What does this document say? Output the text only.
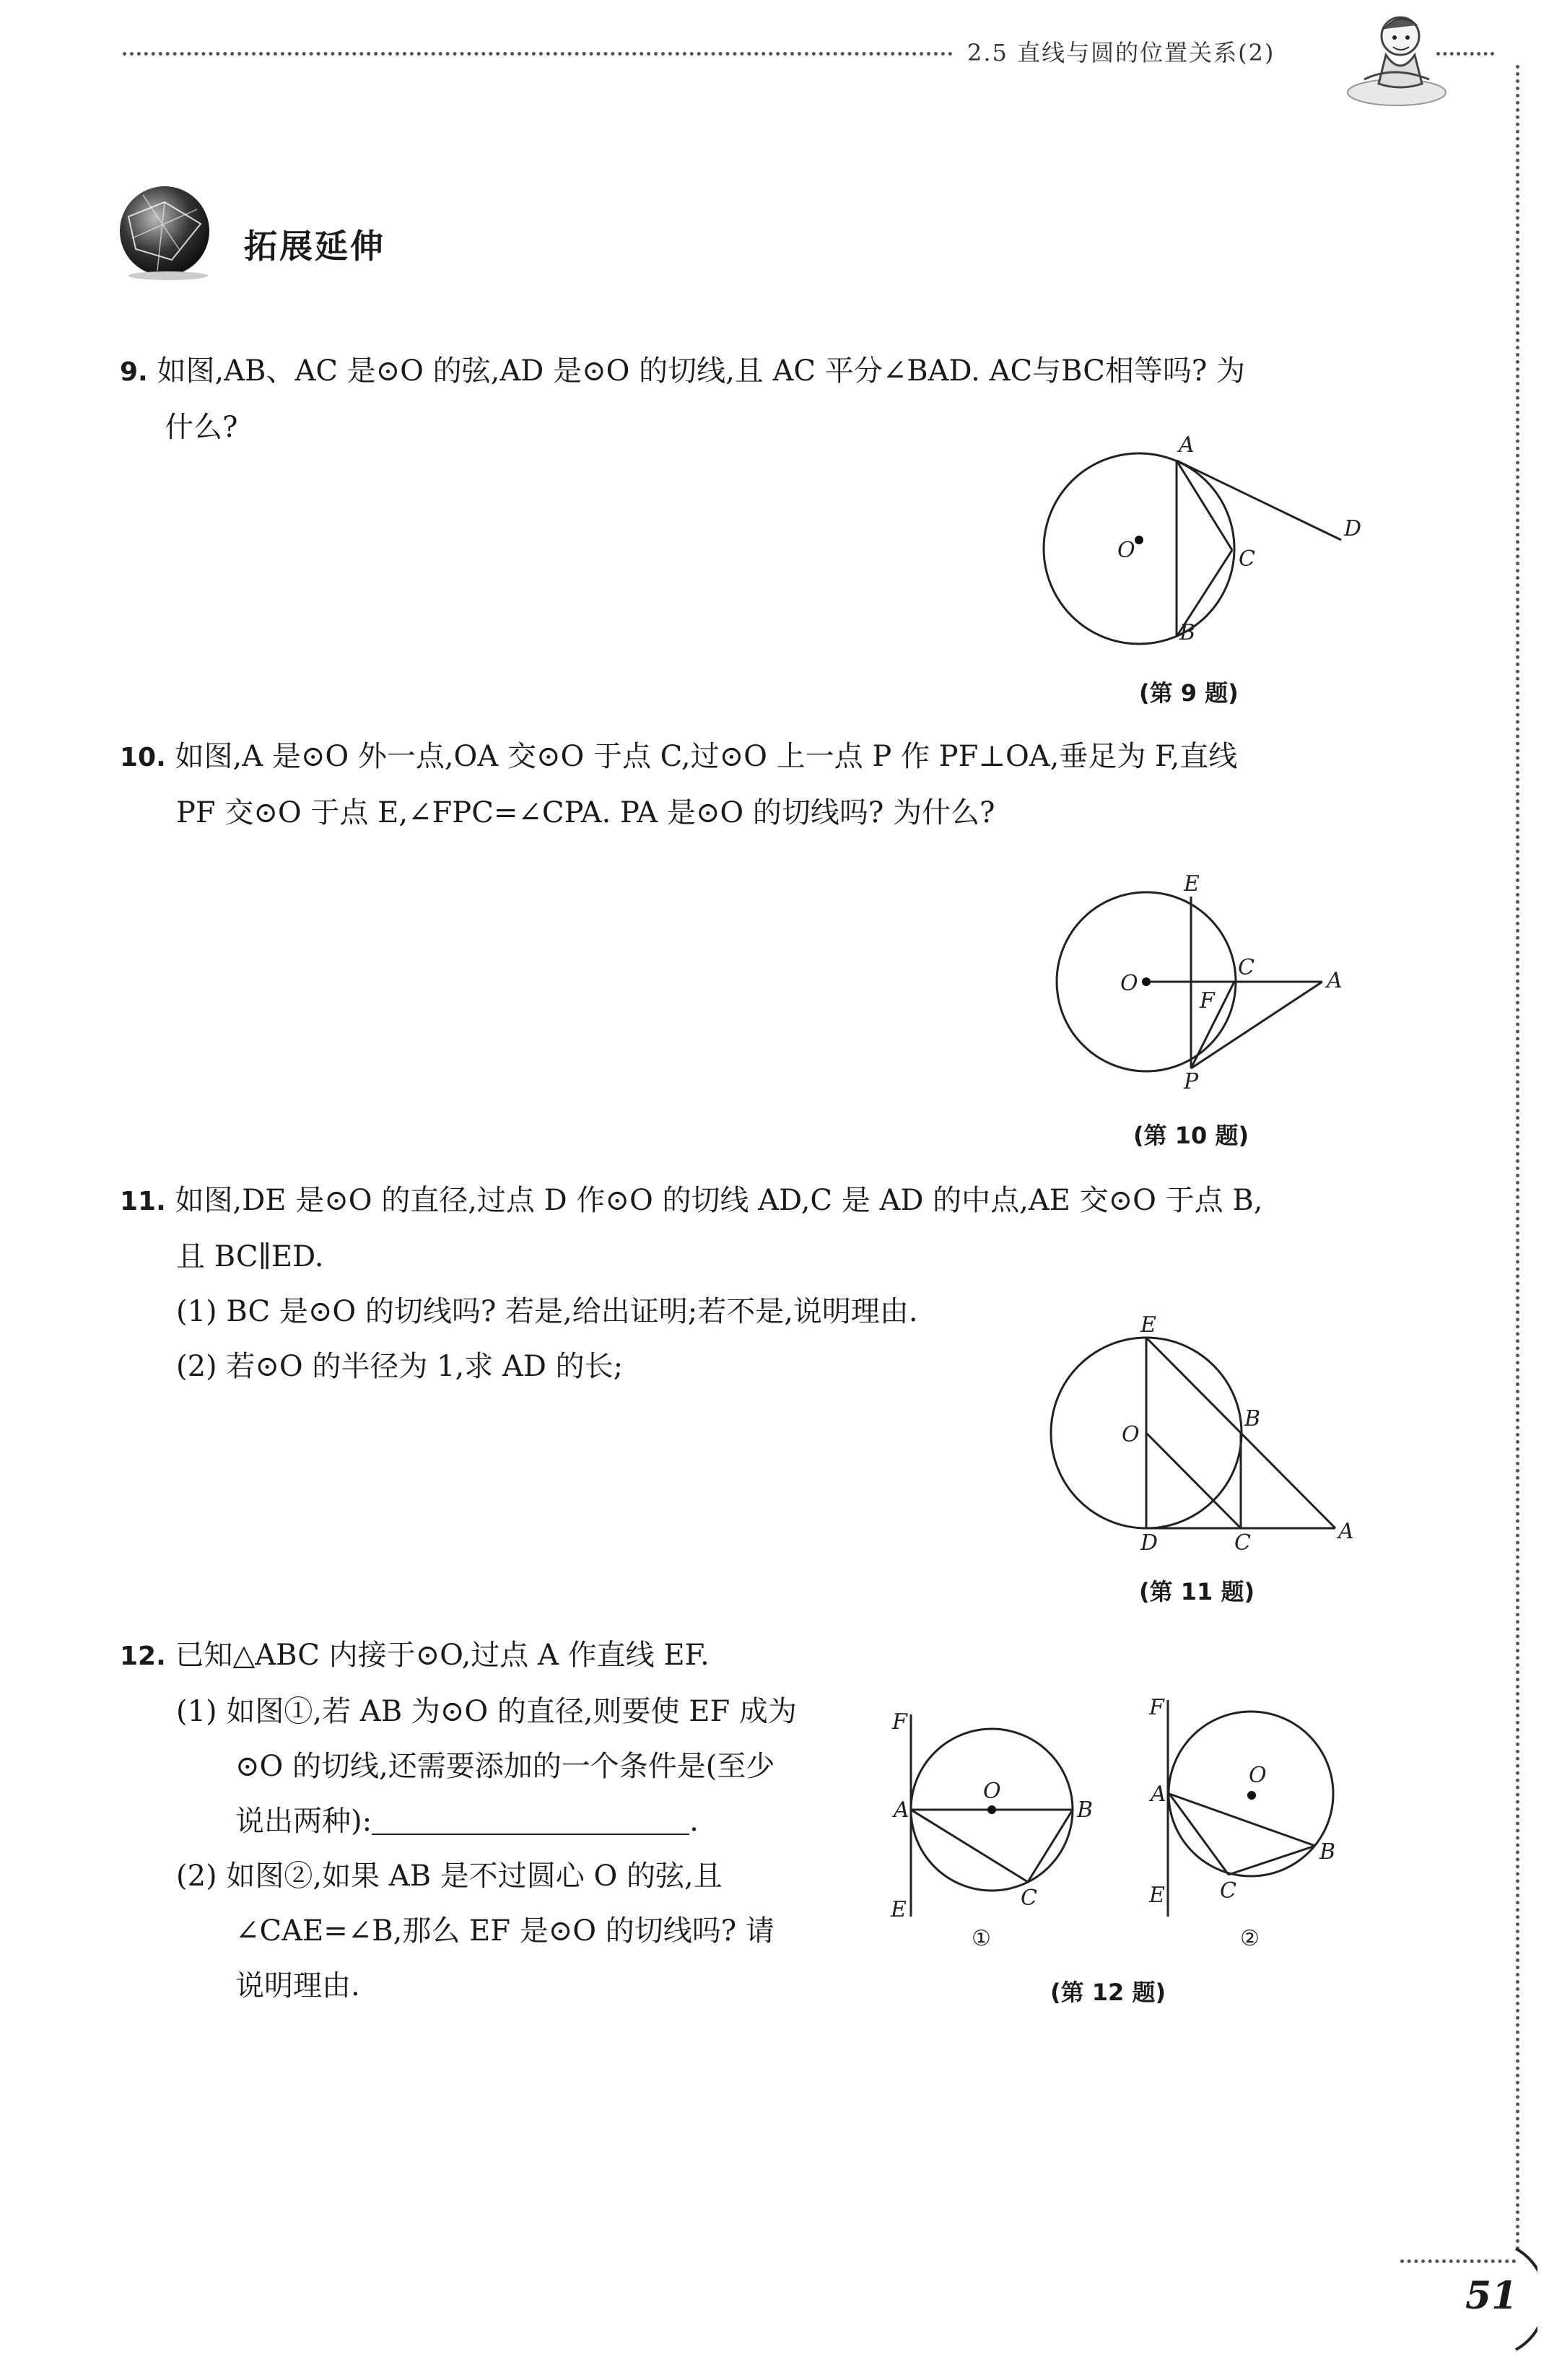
2.5 直线与圆的位置关系(2)
拓展延伸
9. 如图,AB、AC 是⊙O 的弦,AD 是⊙O 的切线,且 AC 平分∠BAD. AC与BC相等吗? 为
什么?
A
O	C
D
B
(第 9 题)
10. 如图,A 是⊙O 外一点,OA 交⊙O 于点 C,过⊙O 上一点 P 作 PF⊥OA,垂足为 F,直线
PF 交⊙O 于点 E,∠FPC=∠CPA. PA 是⊙O 的切线吗? 为什么?
E
O
C
A
F
P
(第 10 题)
11. 如图,DE 是⊙O 的直径,过点 D 作⊙O 的切线 AD,C 是 AD 的中点,AE 交⊙O 于点 B,
且 BC∥ED.
(1) BC 是⊙O 的切线吗? 若是,给出证明;若不是,说明理由.
(2) 若⊙O 的半径为 1,求 AD 的长;
E
O
B
D	C	A
(第 11 题)
12. 已知△ABC 内接于⊙O,过点 A 作直线 EF.
(1) 如图①,若 AB 为⊙O 的直径,则要使 EF 成为
⊙O 的切线,还需要添加的一个条件是(至少
说出两种):	.
(2) 如图②,如果 AB 是不过圆心 O 的弦,且
∠CAE=∠B,那么 EF 是⊙O 的切线吗? 请
说明理由.
F
O
A	B
E	C
①
F
O
A
B
E	C
②
(第 12 题)
51
